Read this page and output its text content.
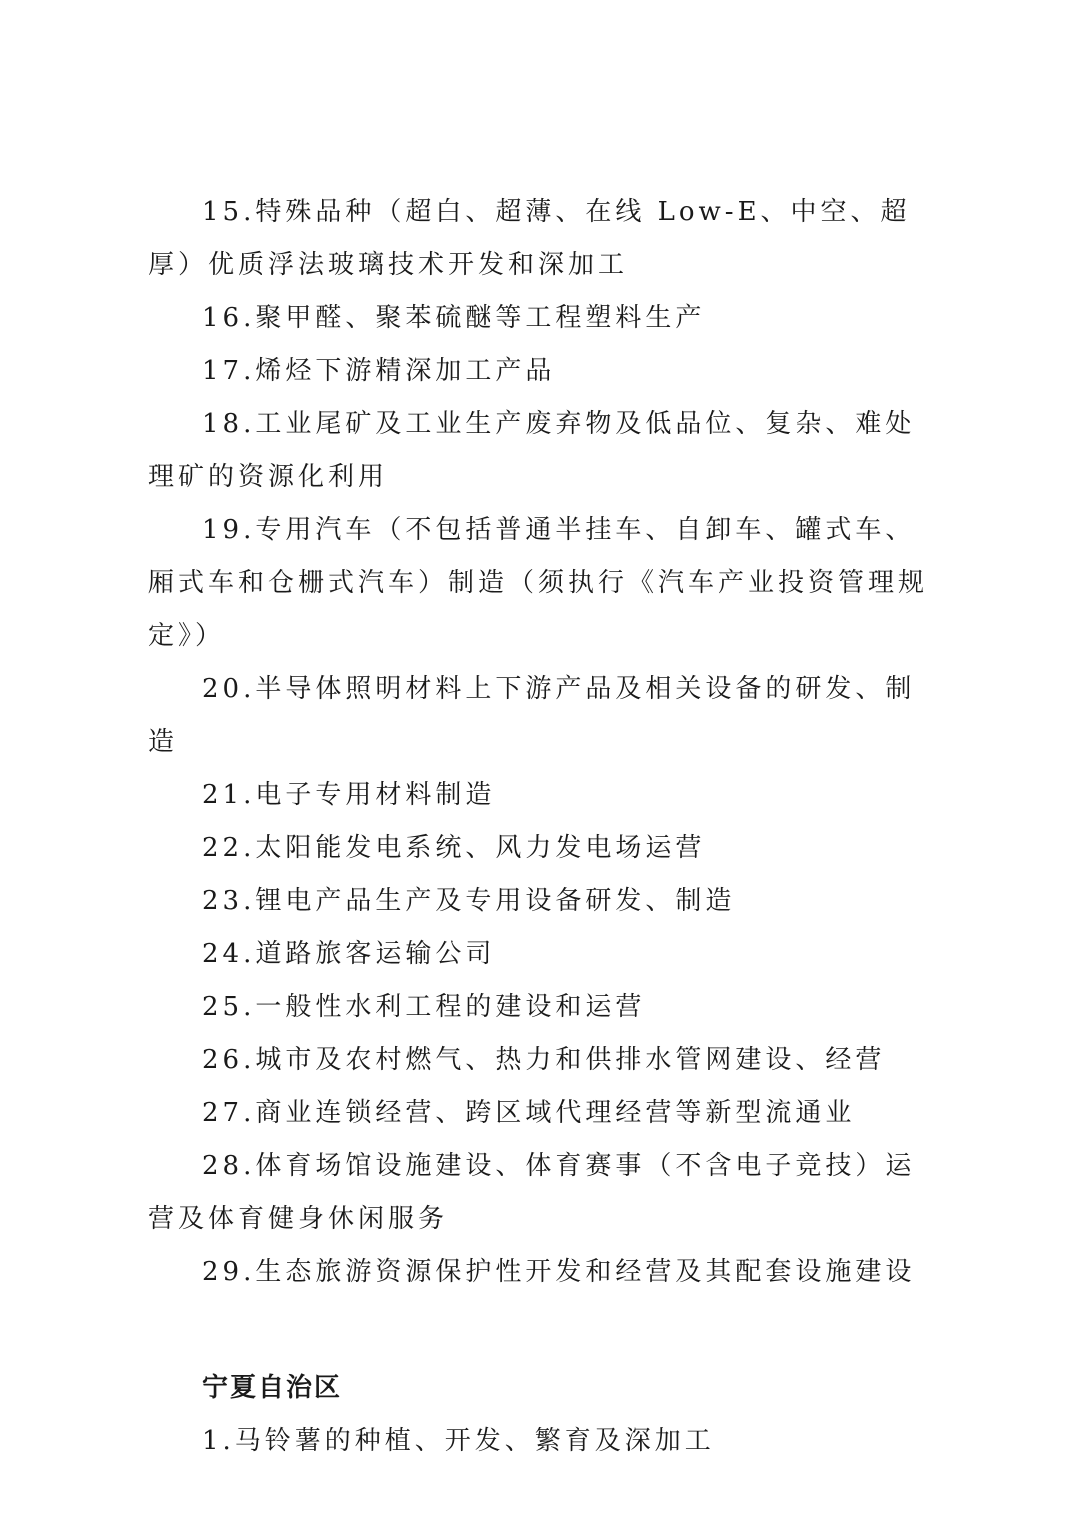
15.特殊品种（超白、超薄、在线 Low-E、中空、超厚）优质浮法玻璃技术开发和深加工

16.聚甲醛、聚苯硫醚等工程塑料生产

17.烯烃下游精深加工产品

18.工业尾矿及工业生产废弃物及低品位、复杂、难处理矿的资源化利用

19.专用汽车（不包括普通半挂车、自卸车、罐式车、厢式车和仓栅式汽车）制造（须执行《汽车产业投资管理规定》）

20.半导体照明材料上下游产品及相关设备的研发、制造

21.电子专用材料制造

22.太阳能发电系统、风力发电场运营

23.锂电产品生产及专用设备研发、制造

24.道路旅客运输公司

25.一般性水利工程的建设和运营

26.城市及农村燃气、热力和供排水管网建设、经营

27.商业连锁经营、跨区域代理经营等新型流通业

28.体育场馆设施建设、体育赛事（不含电子竞技）运营及体育健身休闲服务

29.生态旅游资源保护性开发和经营及其配套设施建设

宁夏自治区

1.马铃薯的种植、开发、繁育及深加工
